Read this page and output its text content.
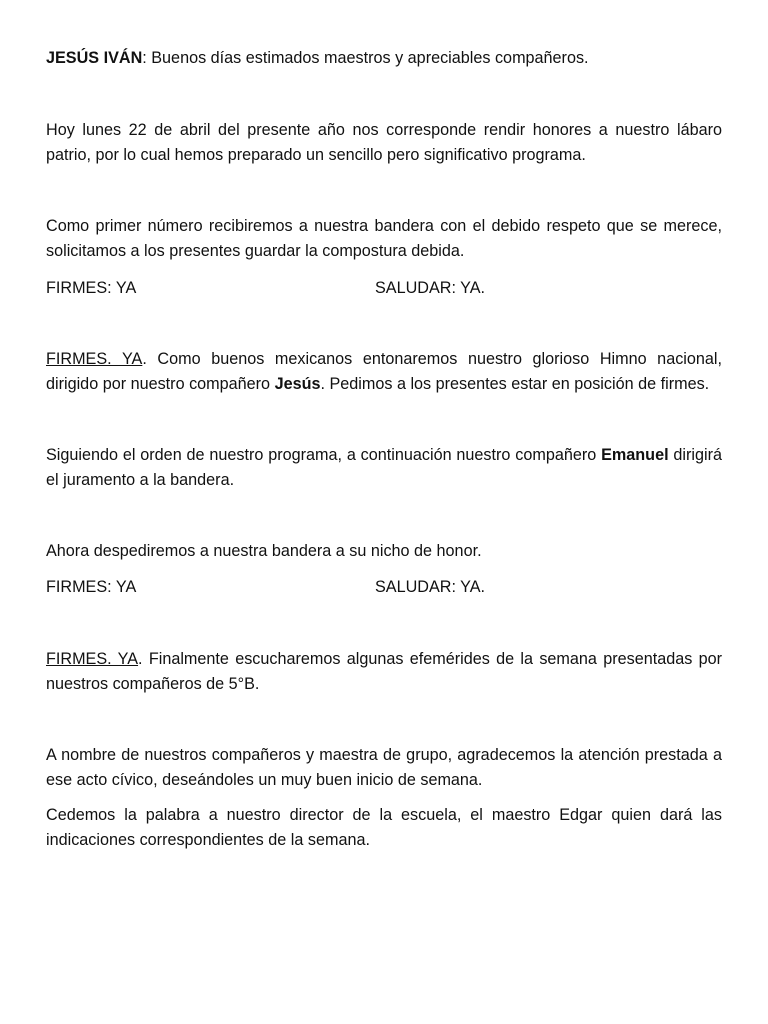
JESÚS IVÁN: Buenos días estimados maestros y apreciables compañeros.

Hoy lunes 22 de abril del presente año nos corresponde rendir honores a nuestro lábaro patrio, por lo cual hemos preparado un sencillo pero significativo programa.

Como primer número recibiremos a nuestra bandera con el debido respeto que se merece, solicitamos a los presentes guardar la compostura debida.

FIRMES: YA	SALUDAR: YA.

FIRMES. YA. Como buenos mexicanos entonaremos nuestro glorioso Himno nacional, dirigido por nuestro compañero Jesús. Pedimos a los presentes estar en posición de firmes.

Siguiendo el orden de nuestro programa, a continuación nuestro compañero Emanuel dirigirá el juramento a la bandera.

Ahora despediremos a nuestra bandera a su nicho de honor.

FIRMES: YA	SALUDAR: YA.

FIRMES. YA. Finalmente escucharemos algunas efemérides de la semana presentadas por nuestros compañeros de 5°B.

A nombre de nuestros compañeros y maestra de grupo, agradecemos la atención prestada a ese acto cívico, deseándoles un muy buen inicio de semana.

Cedemos la palabra a nuestro director de la escuela, el maestro Edgar quien dará las indicaciones correspondientes de la semana.
